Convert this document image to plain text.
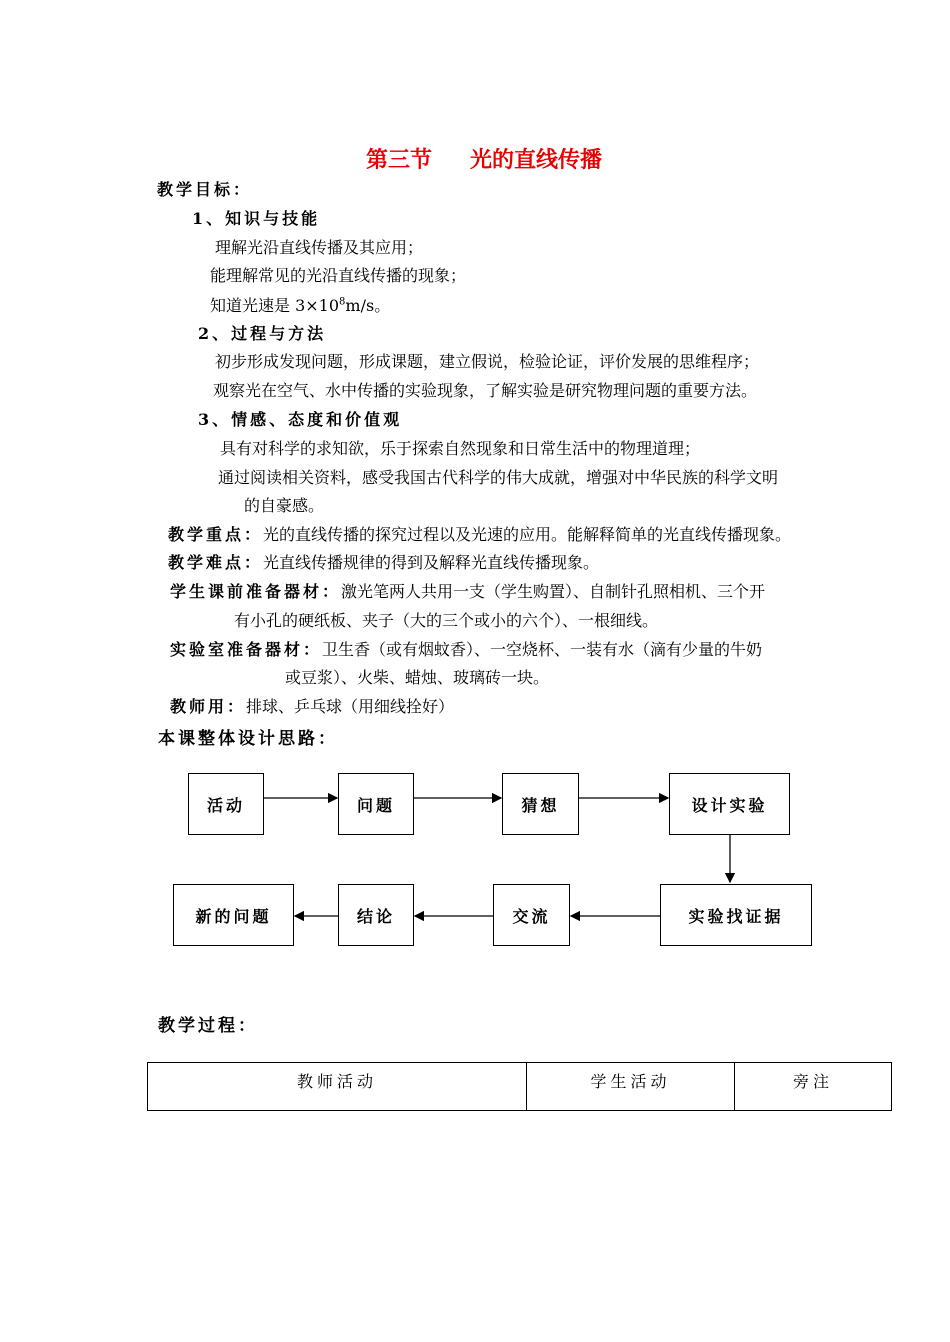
第三节 光的直线传播
教学目标：
1、知识与技能
理解光沿直线传播及其应用；
能理解常见的光沿直线传播的现象；
知道光速是 $3\times 10^8m/s$。
2、过程与方法
初步形成发现问题，形成课题，建立假说，检验论证，评价发展的思维程序；
观察光在空气、水中传播的实验现象，了解实验是研究物理问题的重要方法。
3、情感、态度和价值观
具有对科学的求知欲，乐于探索自然现象和日常生活中的物理道理；
通过阅读相关资料，感受我国古代科学的伟大成就，增强对中华民族的科学文明
的自豪感。
教学重点：光的直线传播的探究过程以及光速的应用。能解释简单的光直线传播现象。
教学难点：光直线传播规律的得到及解释光直线传播现象。
学生课前准备器材：激光笔两人共用一支（学生购置）、自制针孔照相机、三个开
有小孔的硬纸板、夹子（大的三个或小的六个）、一根细线。
实验室准备器材：卫生香（或有烟蚊香）、一空烧杯、一装有水（滴有少量的牛奶
或豆浆）、火柴、蜡烛、玻璃砖一块。
教师用：排球、乒乓球（用细线拴好）
本课整体设计思路：
活动	问题	猜想	设计实验
实验找证据
交流
结论
新的问题
教学过程：
教师活动	学生活动	旁注
